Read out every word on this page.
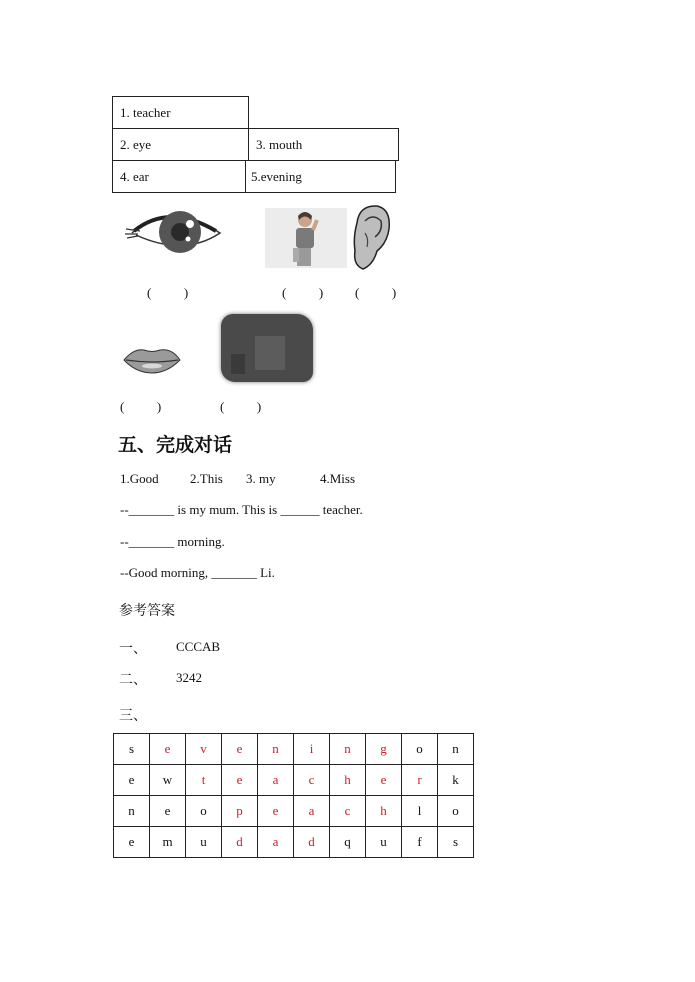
1. teacher
2. eye	3. mouth
4. ear	5.evening
(          )	(          ) (          )
(          )	(          )
五、完成对话
1.Good 2.This 3. my	4.Miss
--_______ is my mum. This is ______ teacher.
--_______ morning.
--Good morning, _______ Li.
参考答案
一、 CCCAB
二、 3242
三、
s	e	v	e	n	i	n	g	o	n
e	w	t	e	a	c	h	e	r	k
n	e	o	p	e	a	c	h	l	o
e	m	u	d	a	d	q	u	f	s
